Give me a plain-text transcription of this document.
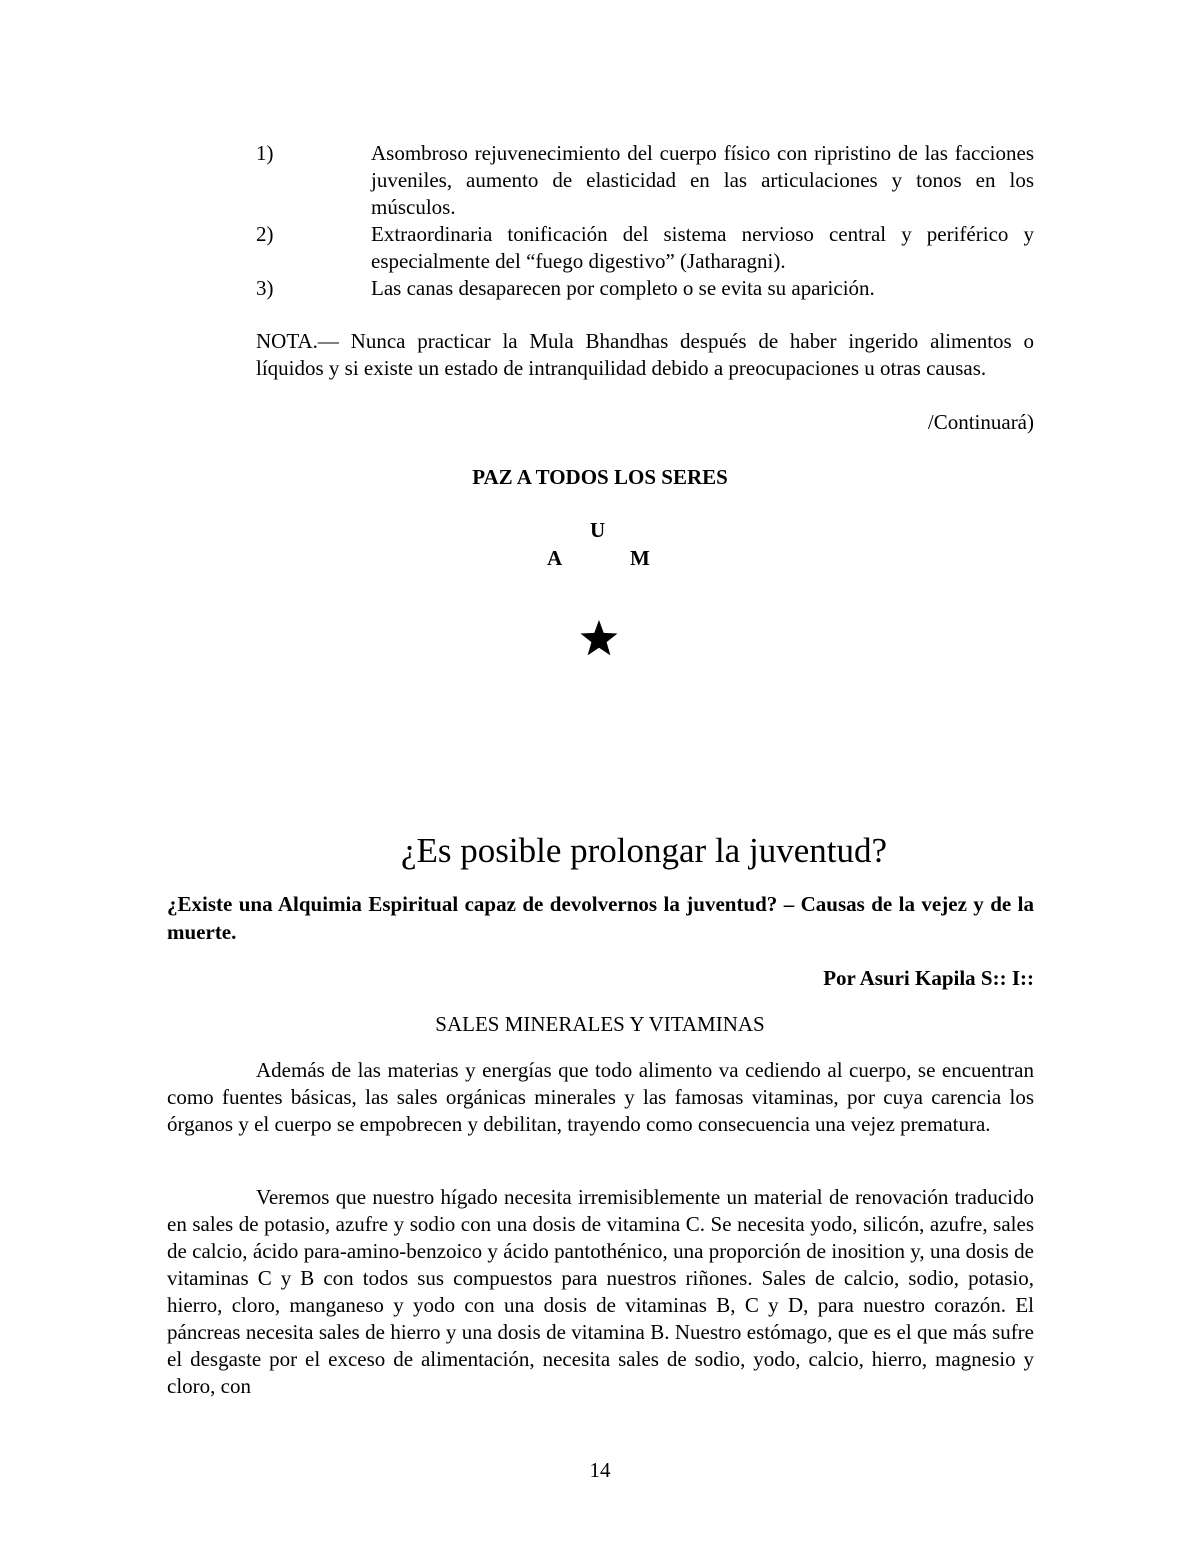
1)	Asombroso rejuvenecimiento del cuerpo físico con ripristino de las facciones juveniles, aumento de elasticidad en las articulaciones y tonos en los músculos.
2)	Extraordinaria tonificación del sistema nervioso central y periférico y especialmente del “fuego digestivo” (Jatharagni).
3)	Las canas desaparecen por completo o se evita su aparición.
NOTA.— Nunca practicar la Mula Bhandhas después de haber ingerido alimentos o líquidos y si existe un estado de intranquilidad debido a preocupaciones u otras causas.
/Continuará)
PAZ A TODOS LOS SERES
U
A	M
¿Es posible prolongar la juventud?
¿Existe una Alquimia Espiritual capaz de devolvernos la juventud? – Causas de la vejez y de la muerte.
Por Asuri Kapila S:: I::
SALES MINERALES Y VITAMINAS

Además de las materias y energías que todo alimento va cediendo al cuerpo, se encuentran como fuentes básicas, las sales orgánicas minerales y las famosas vitaminas, por cuya carencia los órganos y el cuerpo se empobrecen y debilitan, trayendo como consecuencia una vejez prematura.

Veremos que nuestro hígado necesita irremisiblemente un material de renovación traducido en sales de potasio, azufre y sodio con una dosis de vitamina C. Se necesita yodo, silicón, azufre, sales de calcio, ácido para-amino-benzoico y ácido pantothénico, una proporción de inosition y, una dosis de vitaminas C y B con todos sus compuestos para nuestros riñones. Sales de calcio, sodio, potasio, hierro, cloro, manganeso y yodo con una dosis de vitaminas B, C y D, para nuestro corazón. El páncreas necesita sales de hierro y una dosis de vitamina B. Nuestro estómago, que es el que más sufre el desgaste por el exceso de alimentación, necesita sales de sodio, yodo, calcio, hierro, magnesio y cloro, con

14
